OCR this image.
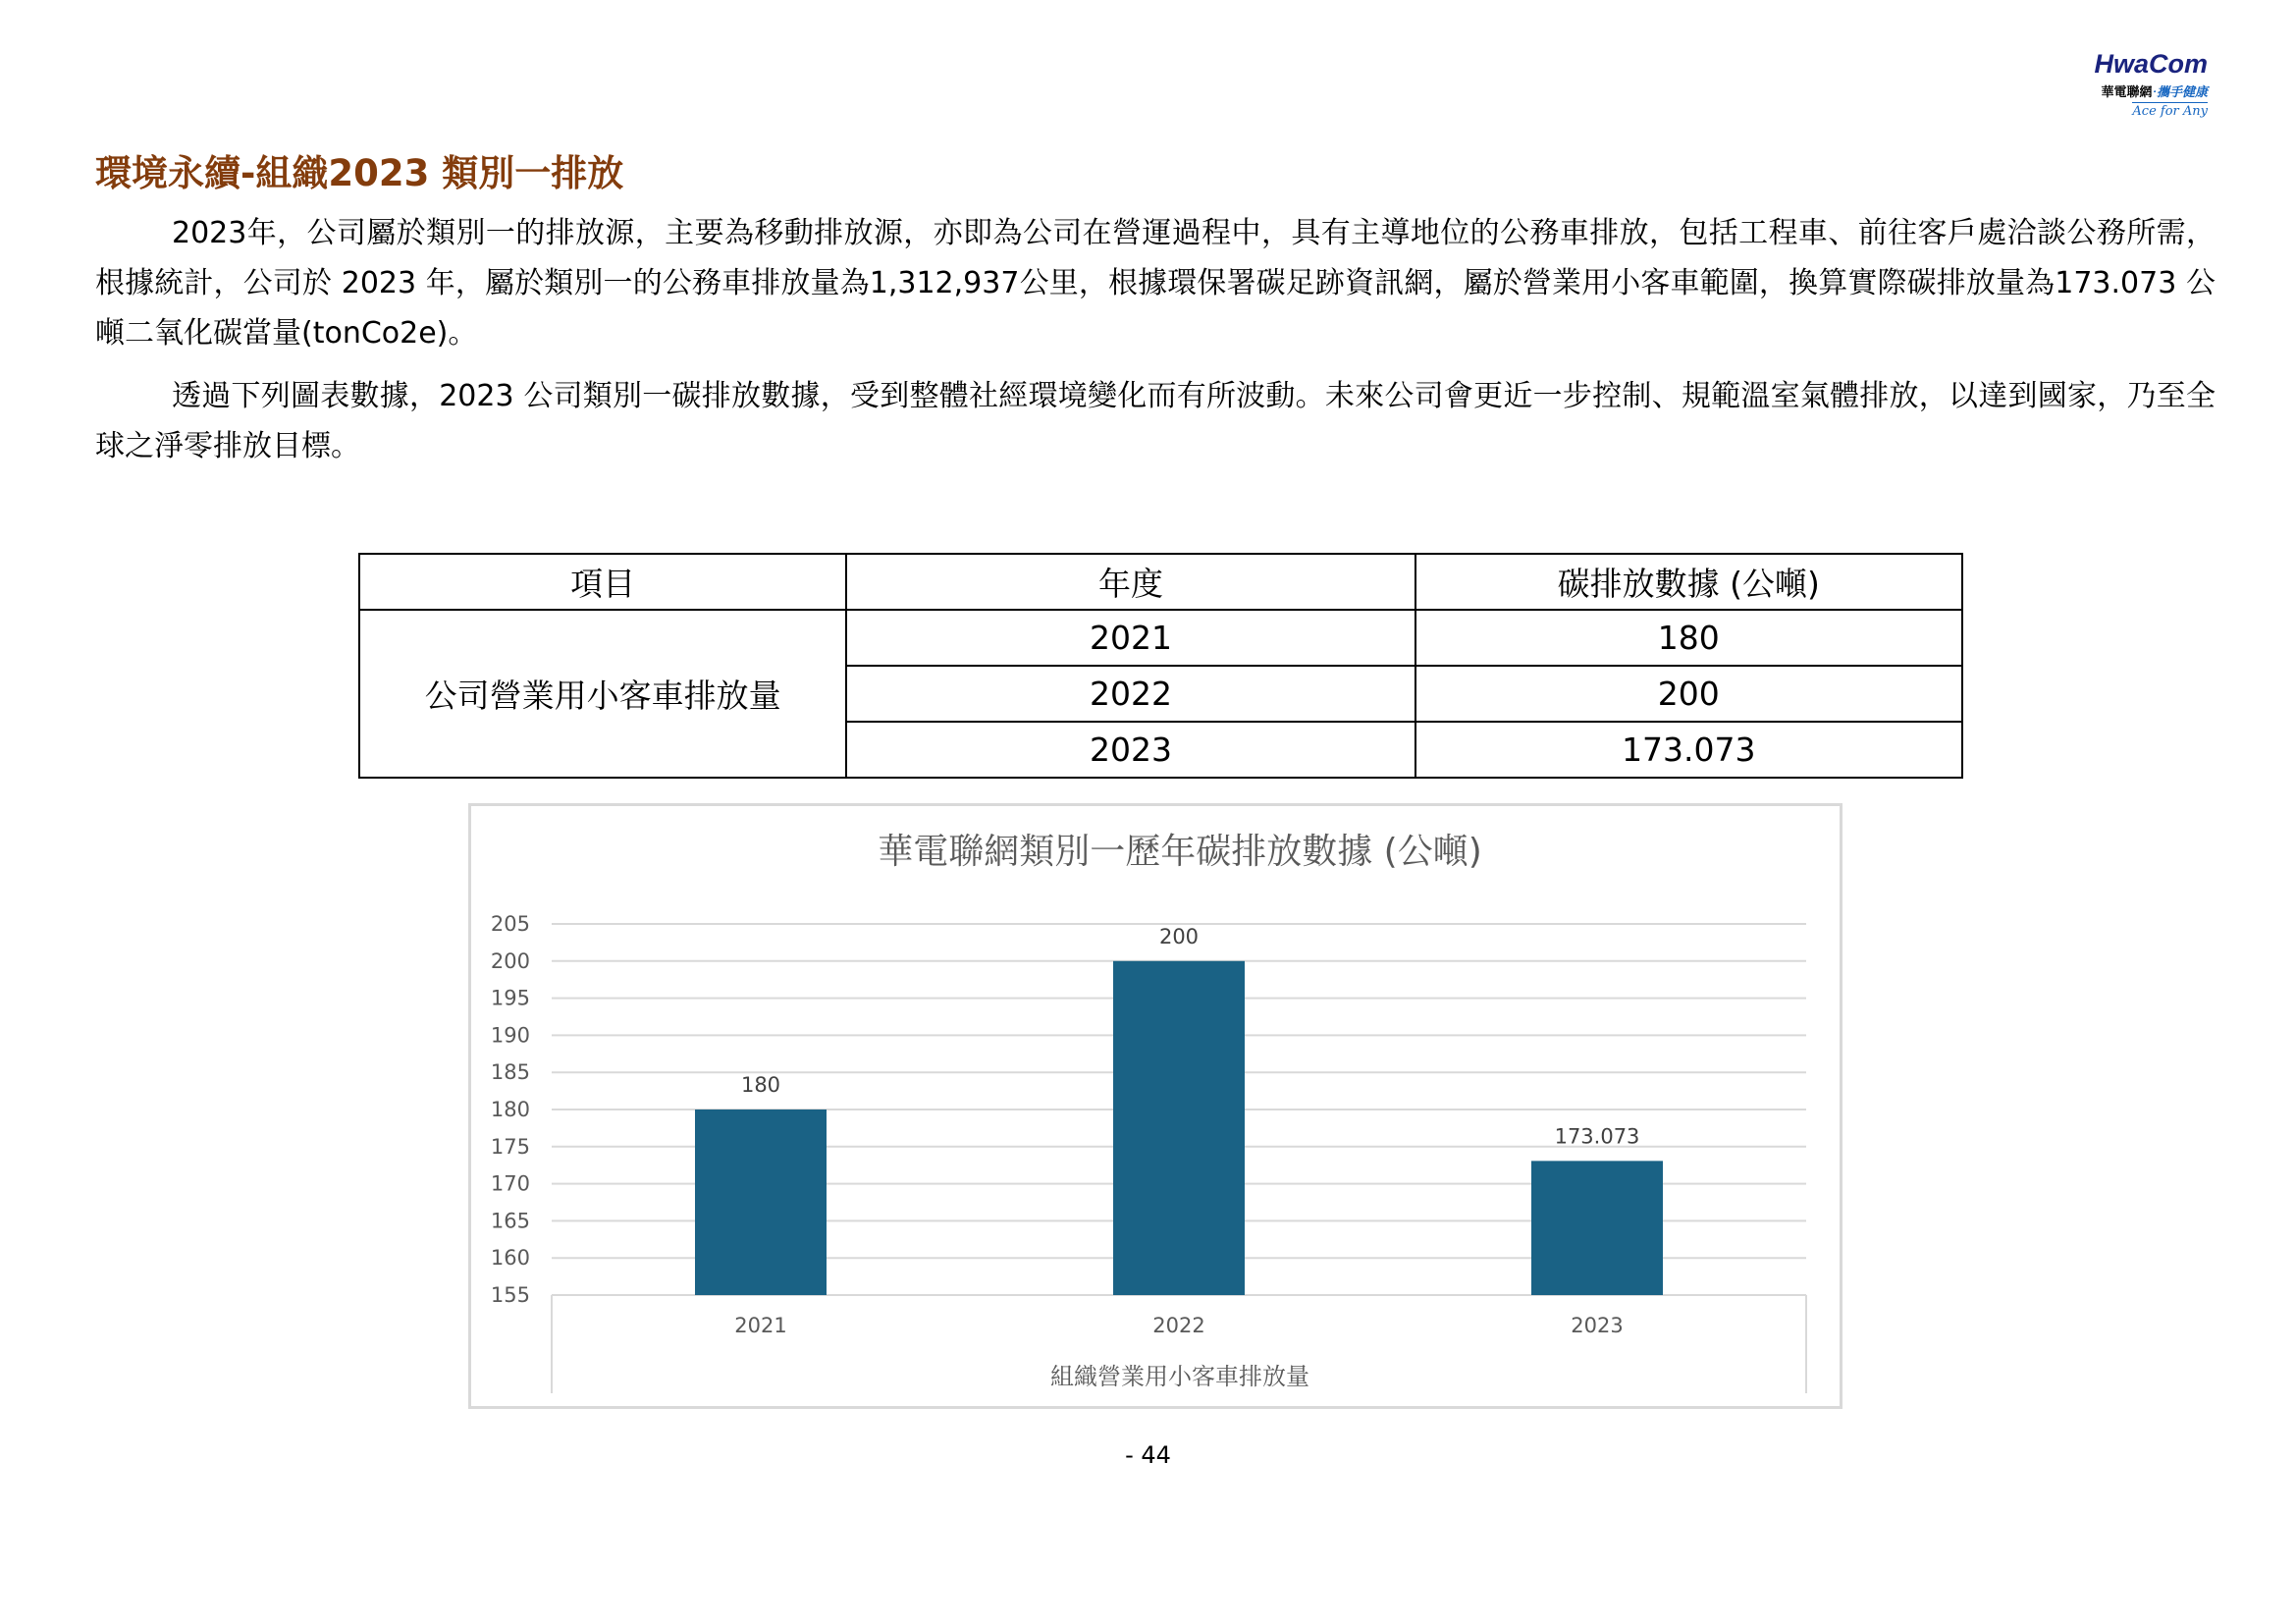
HwaCom
華電聯網‧攜手健康
Ace for Any
環境永續-組織2023 類別一排放

2023年，公司屬於類別一的排放源，主要為移動排放源，亦即為公司在營運過程中，具有主導地位的公務車排放，包括工程車、前往客戶處洽談公務所需，根據統計，公司於 2023 年，屬於類別一的公務車排放量為1,312,937公里，根據環保署碳足跡資訊網，屬於營業用小客車範圍，換算實際碳排放量為173.073 公噸二氧化碳當量(tonCo2e)。

透過下列圖表數據，2023 公司類別一碳排放數據，受到整體社經環境變化而有所波動。未來公司會更近一步控制、規範溫室氣體排放，以達到國家，乃至全球之淨零排放目標。

項目	年度	碳排放數據 (公噸)
公司營業用小客車排放量	2021	180
	2022	200
	2023	173.073
華電聯網類別一歷年碳排放數據 (公噸)
155
160
165
170
175
180
185
190
195
200
205
180
200
173.073
2021	2022	2023
組織營業用小客車排放量
- 44
